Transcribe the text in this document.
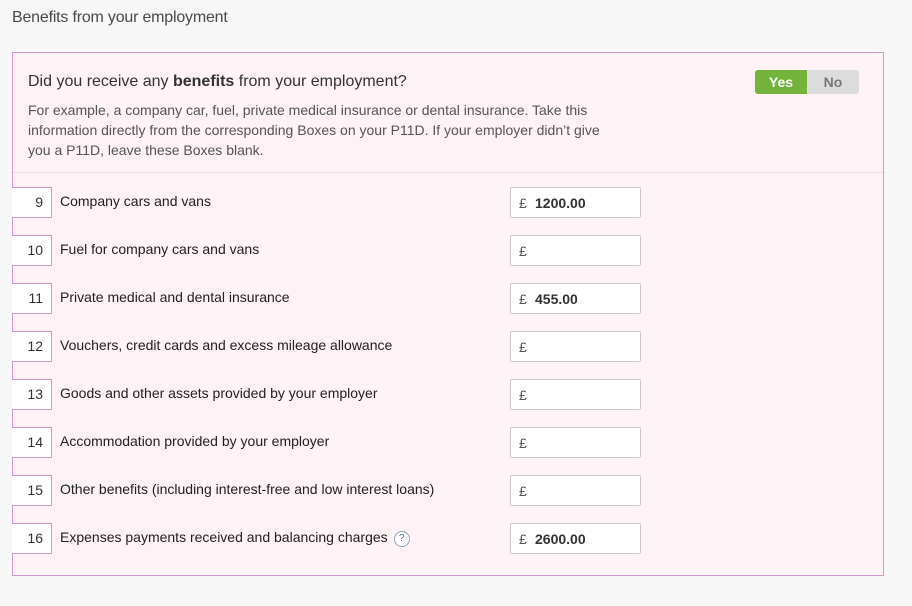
Benefits from your employment
Did you receive any benefits from your employment?
For example, a company car, fuel, private medical insurance or dental insurance. Take this information directly from the corresponding Boxes on your P11D. If your employer didn’t give you a P11D, leave these Boxes blank.
Yes	No
9	Company cars and vans	£ 1200.00
10	Fuel for company cars and vans	£
11	Private medical and dental insurance	£ 455.00
12	Vouchers, credit cards and excess mileage allowance	£
13	Goods and other assets provided by your employer	£
14	Accommodation provided by your employer	£
15	Other benefits (including interest-free and low interest loans)	£
16	Expenses payments received and balancing charges ?	£ 2600.00
